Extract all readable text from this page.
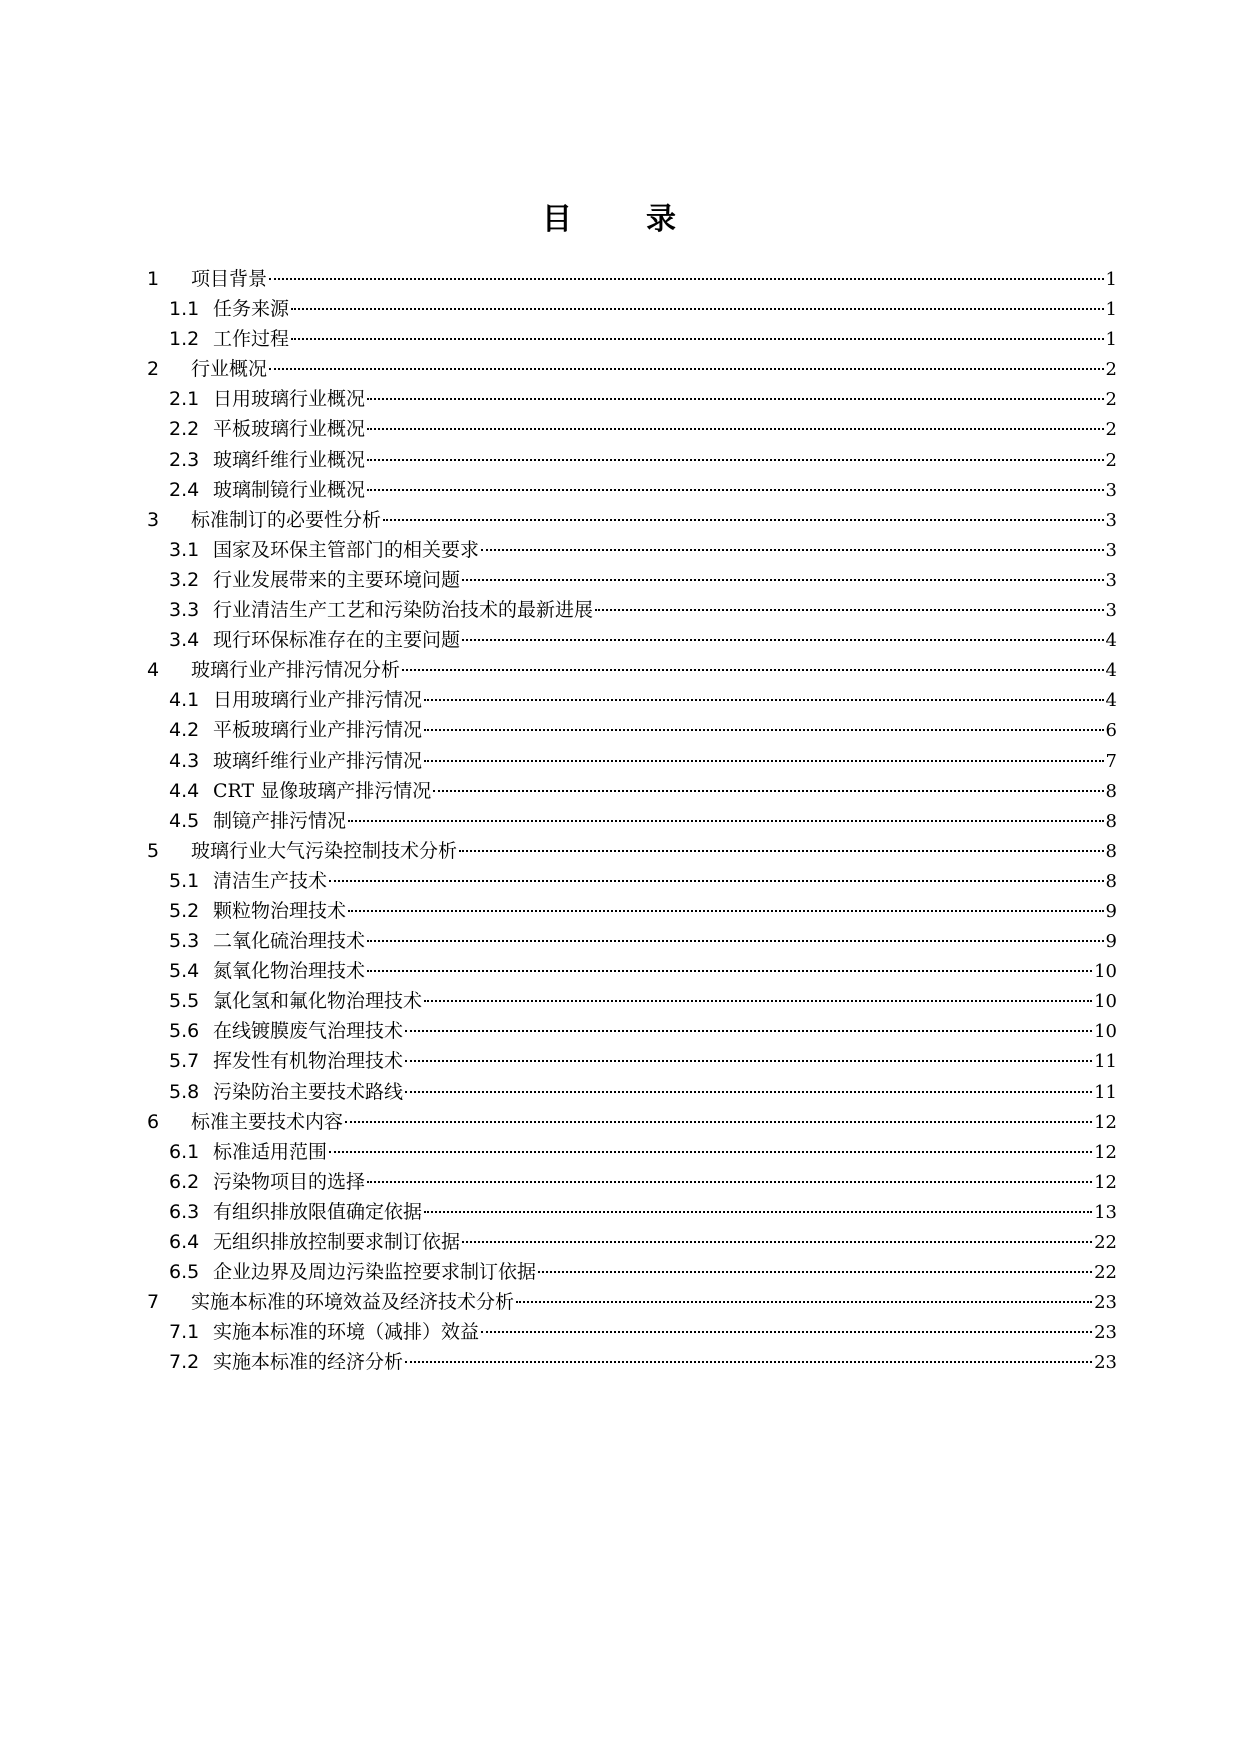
目　录
1	项目背景	1
1.1 任务来源	1
1.2 工作过程	1
2	行业概况	2
2.1 日用玻璃行业概况	2
2.2 平板玻璃行业概况	2
2.3 玻璃纤维行业概况	2
2.4 玻璃制镜行业概况	3
3	标准制订的必要性分析	3
3.1 国家及环保主管部门的相关要求	3
3.2 行业发展带来的主要环境问题	3
3.3 行业清洁生产工艺和污染防治技术的最新进展	3
3.4 现行环保标准存在的主要问题	4
4	玻璃行业产排污情况分析	4
4.1 日用玻璃行业产排污情况	4
4.2 平板玻璃行业产排污情况	6
4.3 玻璃纤维行业产排污情况	7
4.4 CRT 显像玻璃产排污情况	8
4.5 制镜产排污情况	8
5	玻璃行业大气污染控制技术分析	8
5.1 清洁生产技术	8
5.2 颗粒物治理技术	9
5.3 二氧化硫治理技术	9
5.4 氮氧化物治理技术	10
5.5 氯化氢和氟化物治理技术	10
5.6 在线镀膜废气治理技术	10
5.7 挥发性有机物治理技术	11
5.8 污染防治主要技术路线	11
6	标准主要技术内容	12
6.1 标准适用范围	12
6.2 污染物项目的选择	12
6.3 有组织排放限值确定依据	13
6.4 无组织排放控制要求制订依据	22
6.5 企业边界及周边污染监控要求制订依据	22
7	实施本标准的环境效益及经济技术分析	23
7.1 实施本标准的环境（减排）效益	23
7.2 实施本标准的经济分析	23
